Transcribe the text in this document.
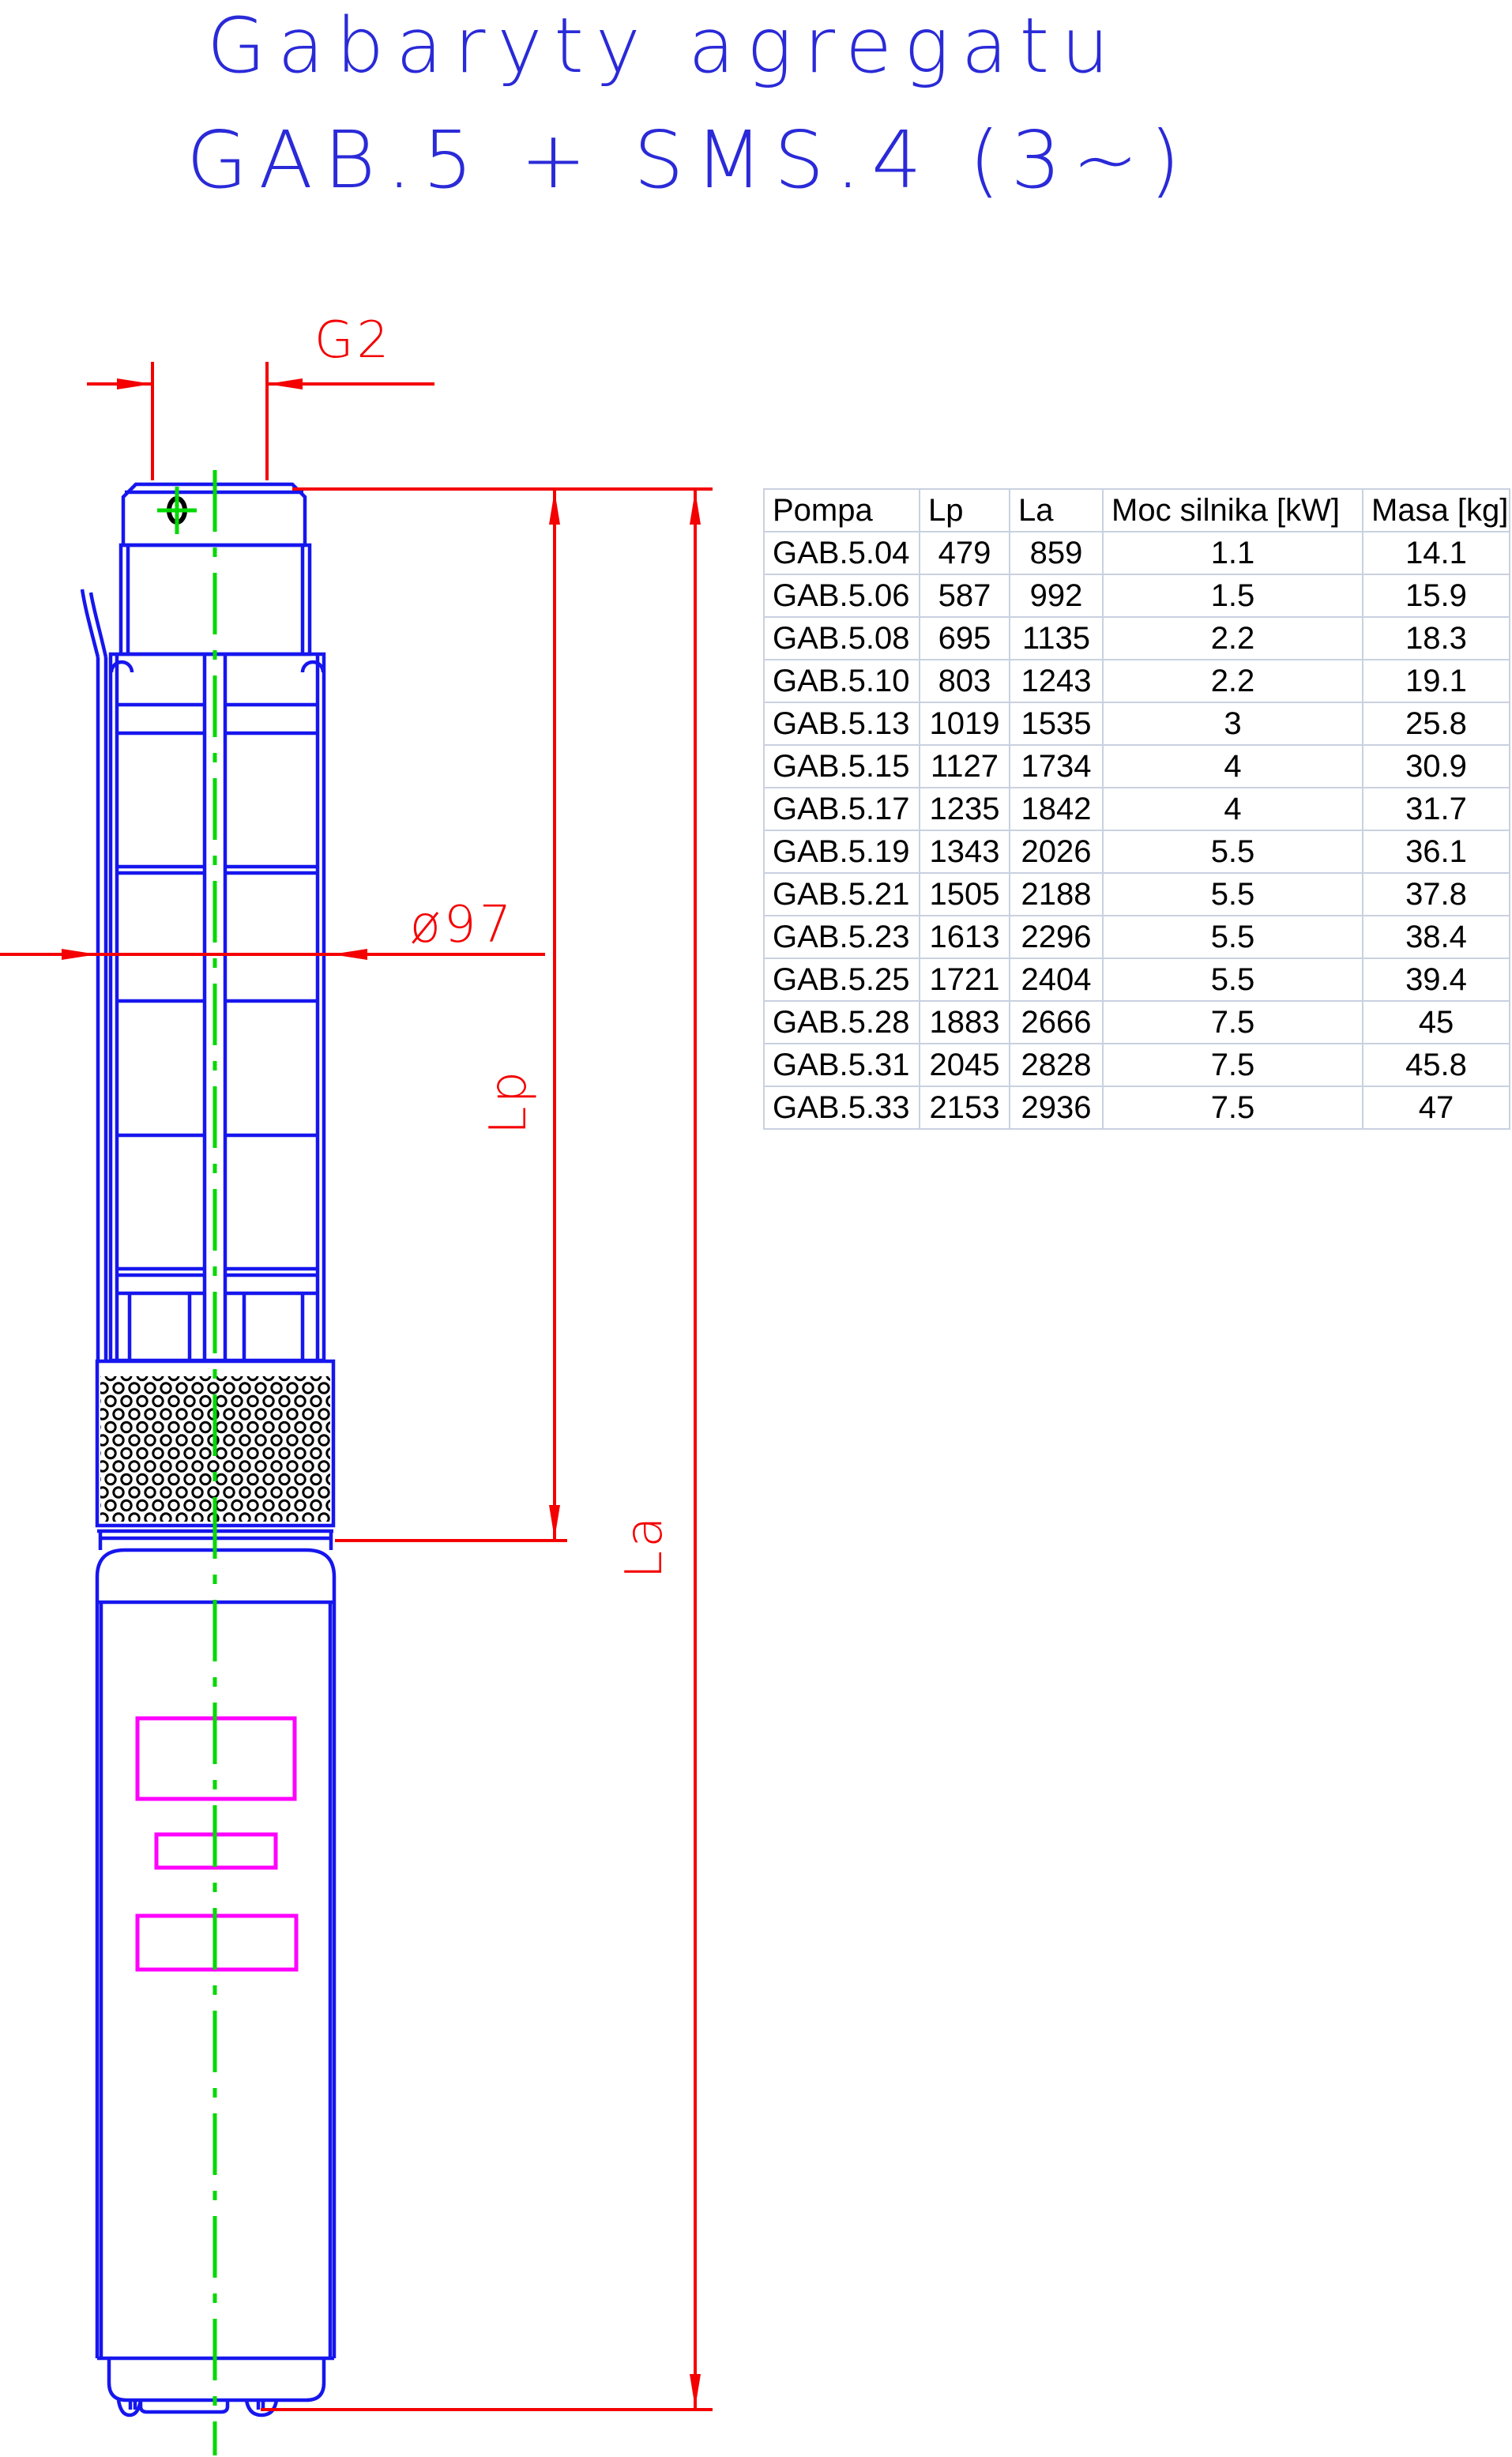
Gabaryty agregatu
GAB.5 + SMS.4 (3~)
G2
ø97
Lp
La
Pompa	Lp	La	Moc silnika [kW]	Masa [kg]
GAB.5.04	479	859	1.1	14.1
GAB.5.06	587	992	1.5	15.9
GAB.5.08	695	1135	2.2	18.3
GAB.5.10	803	1243	2.2	19.1
GAB.5.13	1019	1535	3	25.8
GAB.5.15	1127	1734	4	30.9
GAB.5.17	1235	1842	4	31.7
GAB.5.19	1343	2026	5.5	36.1
GAB.5.21	1505	2188	5.5	37.8
GAB.5.23	1613	2296	5.5	38.4
GAB.5.25	1721	2404	5.5	39.4
GAB.5.28	1883	2666	7.5	45
GAB.5.31	2045	2828	7.5	45.8
GAB.5.33	2153	2936	7.5	47
